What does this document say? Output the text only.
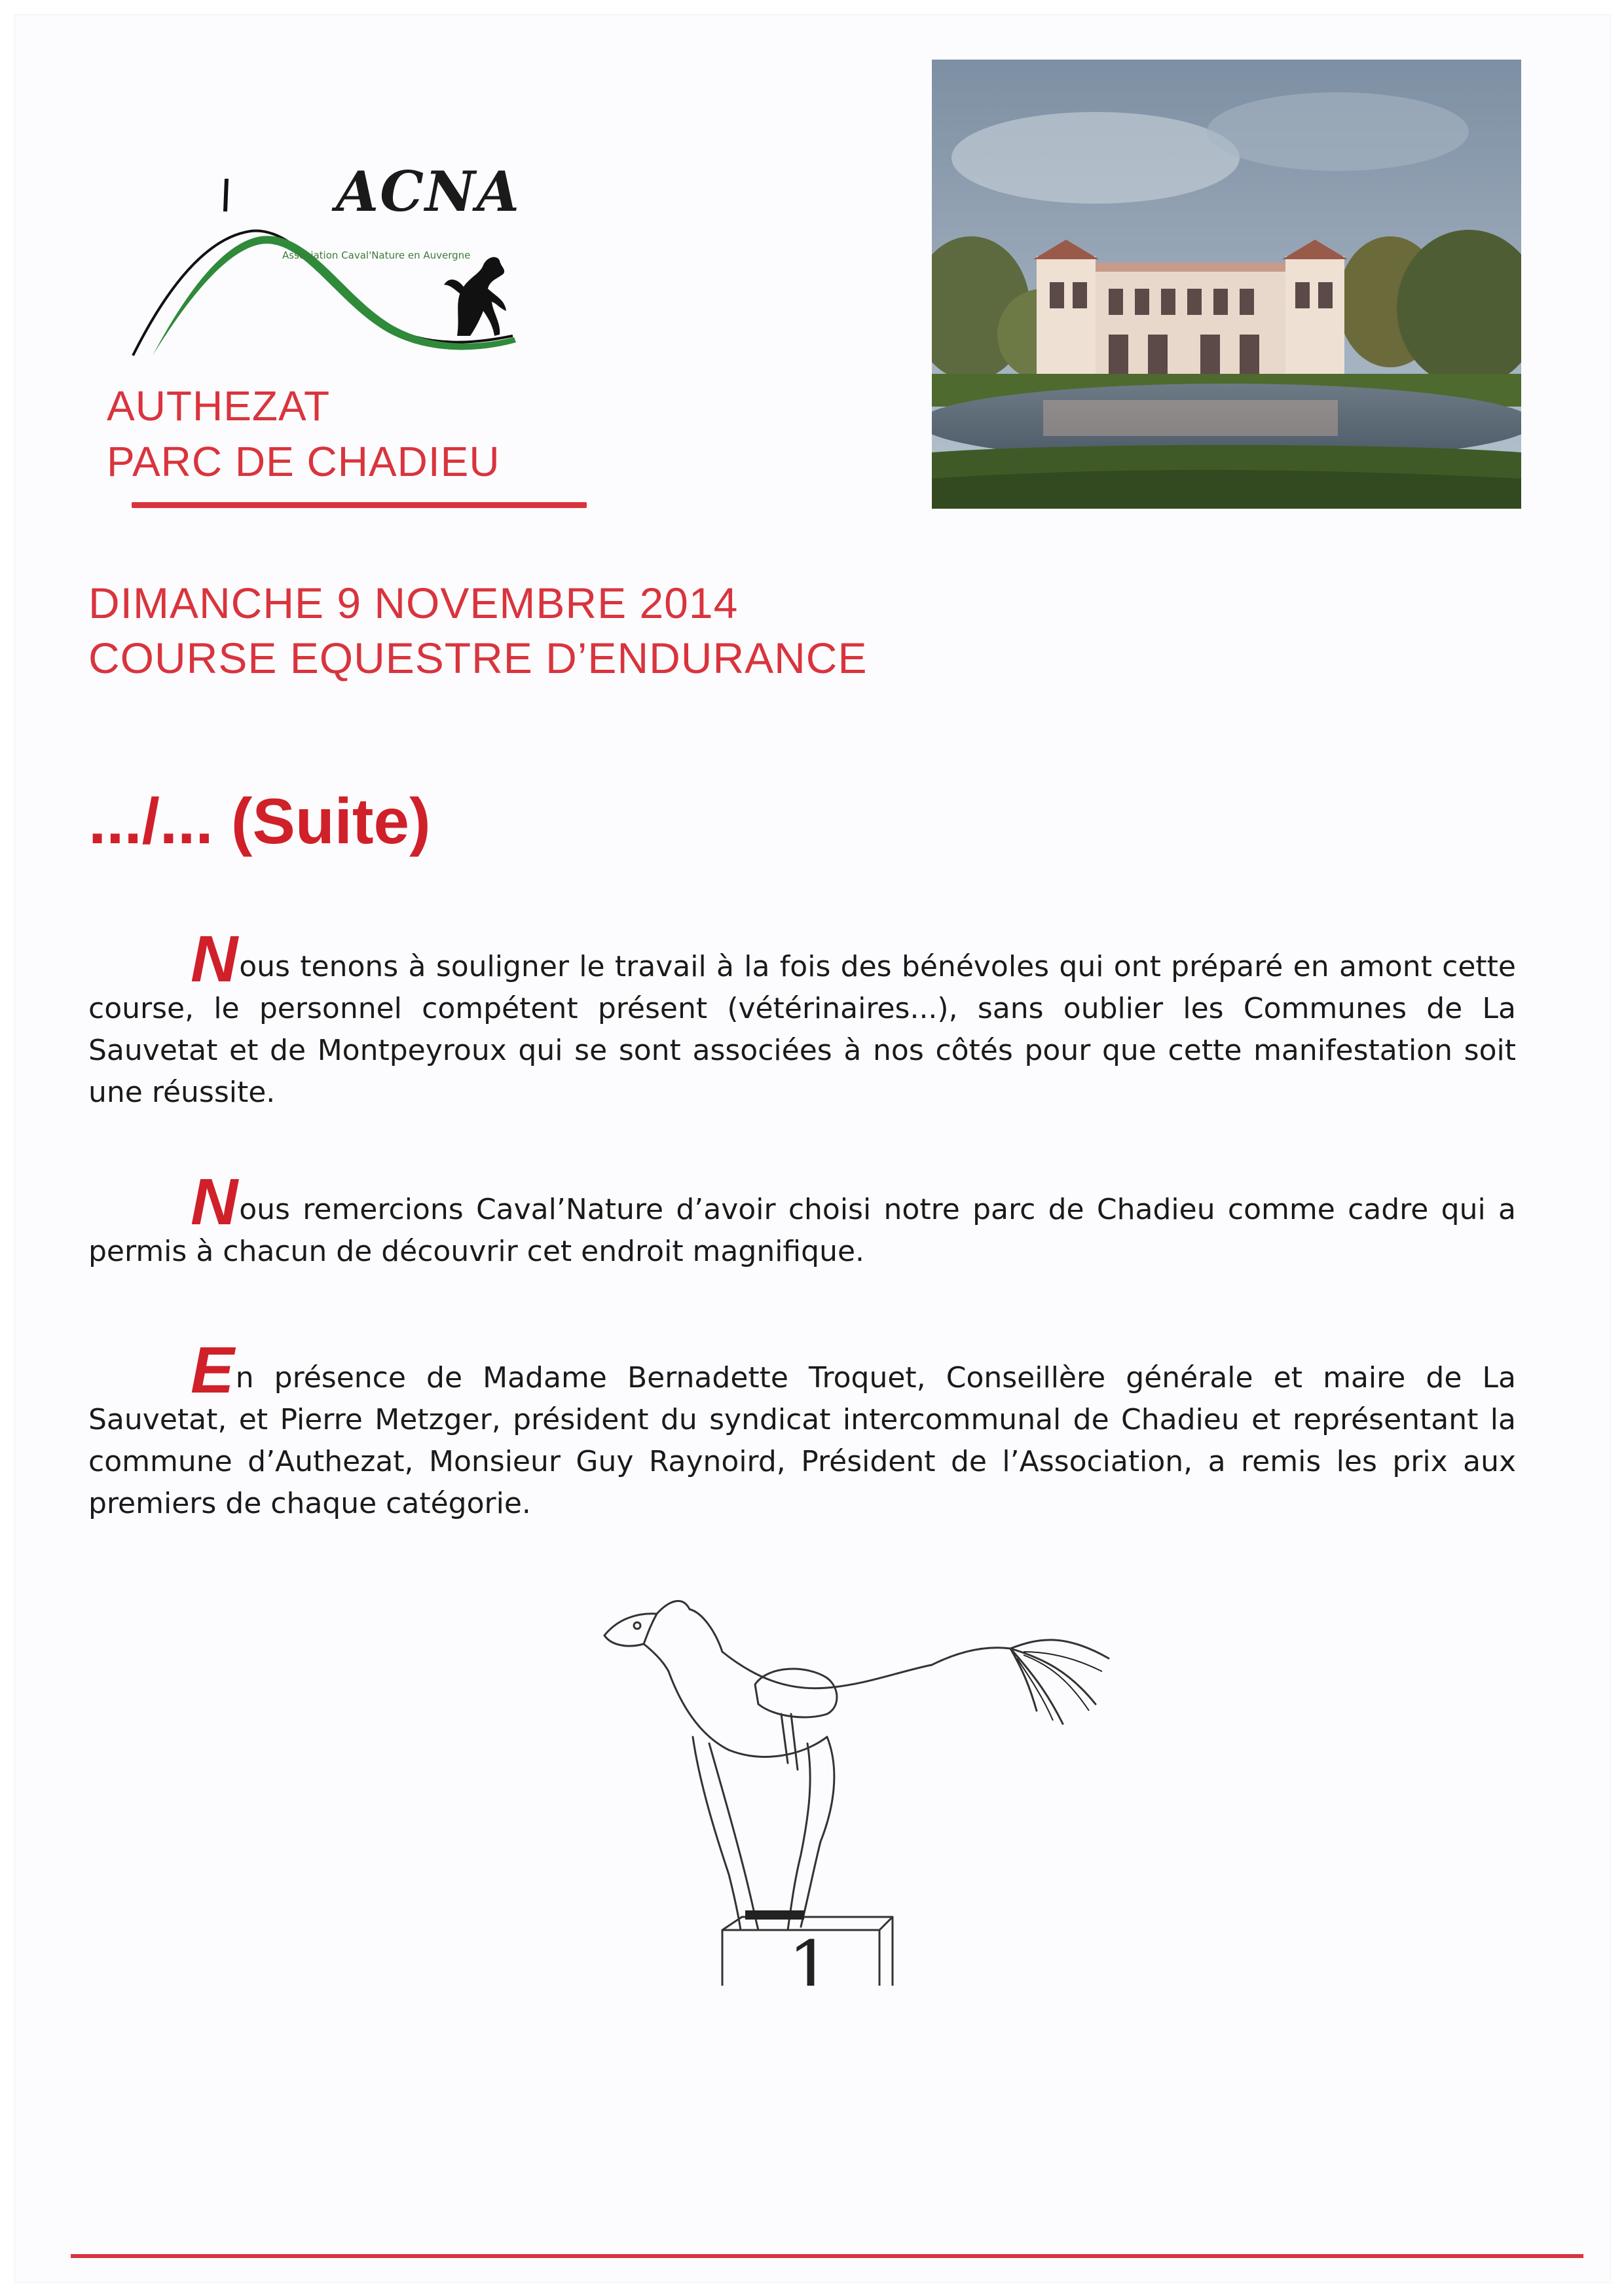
ACNA
Association Caval'Nature en Auvergne
AUTHEZAT
PARC DE CHADIEU
DIMANCHE 9 NOVEMBRE 2014
COURSE EQUESTRE D’ENDURANCE
.../... (Suite)
Nous tenons à souligner le travail à la fois des bénévoles qui ont préparé en amont cette course, le personnel compétent présent (vétérinaires...), sans oublier les Communes de La Sauvetat et de Montpeyroux qui se sont associées à nos côtés pour que cette manifestation soit une réussite.
Nous remercions Caval’Nature d’avoir choisi notre parc de Chadieu comme cadre qui a permis à chacun de découvrir cet endroit magnifique.
En présence de Madame Bernadette Troquet, Conseillère générale et maire de La Sauvetat, et Pierre Metzger, président du syndicat intercommunal de Chadieu et représentant la commune d’Authezat, Monsieur Guy Raynoird, Président de l’Association, a remis les prix aux premiers de chaque catégorie.
1
